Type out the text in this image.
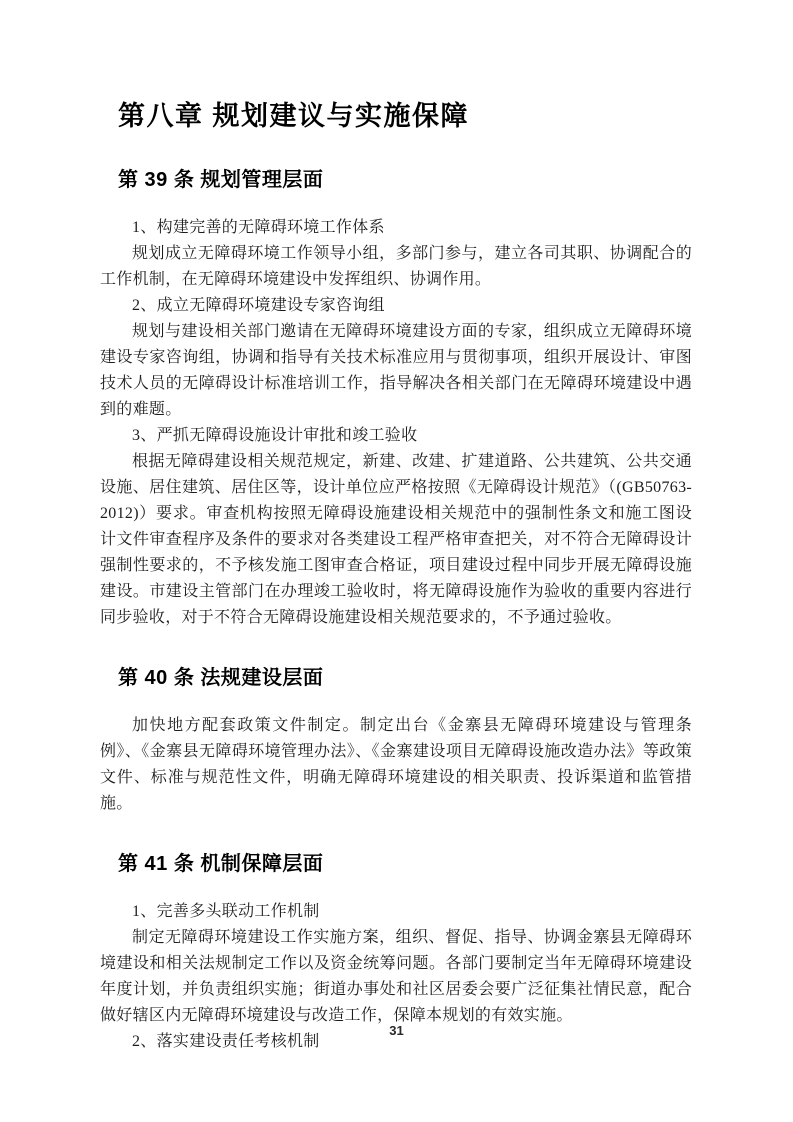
第八章 规划建议与实施保障
第 39 条 规划管理层面

1、构建完善的无障碍环境工作体系

规划成立无障碍环境工作领导小组，多部门参与，建立各司其职、协调配合的工作机制，在无障碍环境建设中发挥组织、协调作用。

2、成立无障碍环境建设专家咨询组

规划与建设相关部门邀请在无障碍环境建设方面的专家，组织成立无障碍环境建设专家咨询组，协调和指导有关技术标准应用与贯彻事项，组织开展设计、审图技术人员的无障碍设计标准培训工作，指导解决各相关部门在无障碍环境建设中遇到的难题。

3、严抓无障碍设施设计审批和竣工验收

根据无障碍建设相关规范规定，新建、改建、扩建道路、公共建筑、公共交通设施、居住建筑、居住区等，设计单位应严格按照《无障碍设计规范》（(GB50763-2012)）要求。审查机构按照无障碍设施建设相关规范中的强制性条文和施工图设计文件审查程序及条件的要求对各类建设工程严格审查把关，对不符合无障碍设计强制性要求的，不予核发施工图审查合格证，项目建设过程中同步开展无障碍设施建设。市建设主管部门在办理竣工验收时，将无障碍设施作为验收的重要内容进行同步验收，对于不符合无障碍设施建设相关规范要求的，不予通过验收。

第 40 条 法规建设层面

加快地方配套政策文件制定。制定出台《金寨县无障碍环境建设与管理条例》、《金寨县无障碍环境管理办法》、《金寨建设项目无障碍设施改造办法》等政策文件、标准与规范性文件，明确无障碍环境建设的相关职责、投诉渠道和监管措施。

第 41 条 机制保障层面

1、完善多头联动工作机制

制定无障碍环境建设工作实施方案，组织、督促、指导、协调金寨县无障碍环境建设和相关法规制定工作以及资金统筹问题。各部门要制定当年无障碍环境建设年度计划，并负责组织实施；街道办事处和社区居委会要广泛征集社情民意，配合做好辖区内无障碍环境建设与改造工作，保障本规划的有效实施。

2、落实建设责任考核机制

31
